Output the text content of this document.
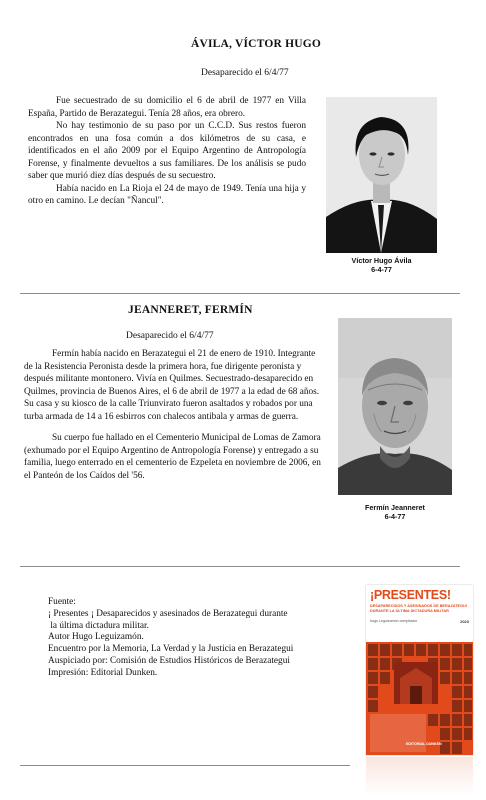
ÁVILA, VÍCTOR HUGO
Desaparecido el 6/4/77

Fue secuestrado de su domicilio el 6 de abril de 1977 en Villa España, Partido de Berazategui. Tenía 28 años, era obrero.

No hay testimonio de su paso por un C.C.D. Sus restos fueron encontrados en una fosa común a dos kilómetros de su casa, e identificados en el año 2009 por el Equipo Argentino de Antropología Forense, y finalmente devueltos a sus familiares. De los análisis se pudo saber que murió diez días después de su secuestro.

Había nacido en La Rioja el 24 de mayo de 1949. Tenía una hija y otro en camino. Le decían "Ñancul".

Víctor Hugo Ávila
6-4-77
JEANNERET, FERMÍN
Desaparecido el 6/4/77

Fermín había nacido en Berazategui el 21 de enero de 1910. Integrante de la Resistencia Peronista desde la primera hora, fue dirigente peronista y después militante montonero. Vivía en Quilmes. Secuestrado-desaparecido en Quilmes, provincia de Buenos Aires, el 6 de abril de 1977 a la edad de 68 años. Su casa y su kiosco de la calle Triunvirato fueron asaltados y robados por una turba armada de 14 a 16 esbirros con chalecos antibala y armas de guerra.

Su cuerpo fue hallado en el Cementerio Municipal de Lomas de Zamora (exhumado por el Equipo Argentino de Antropología Forense) y entregado a su familia, luego enterrado en el cementerio de Ezpeleta en noviembre de 2006, en el Panteón de los Caídos del '56.

Fermín Jeanneret
6-4-77

Fuente:

¡ Presentes ¡ Desaparecidos y asesinados de Berazategui durante

la última dictadura militar.

Autor Hugo Leguizamón.

Encuentro por la Memoria, La Verdad y la Justicia en Berazategui

Auspiciado por: Comisión de Estudios Históricos de Berazategui

Impresión: Editorial Dunken.

¡PRESENTES!
DESAPARECIDOS Y ASESINADOS DE BERAZATEGUI DURANTE LA ÚLTIMA DICTADURA MILITAR
hugo Leguizamón compilador	2023
EDITORIAL DUNKEN
